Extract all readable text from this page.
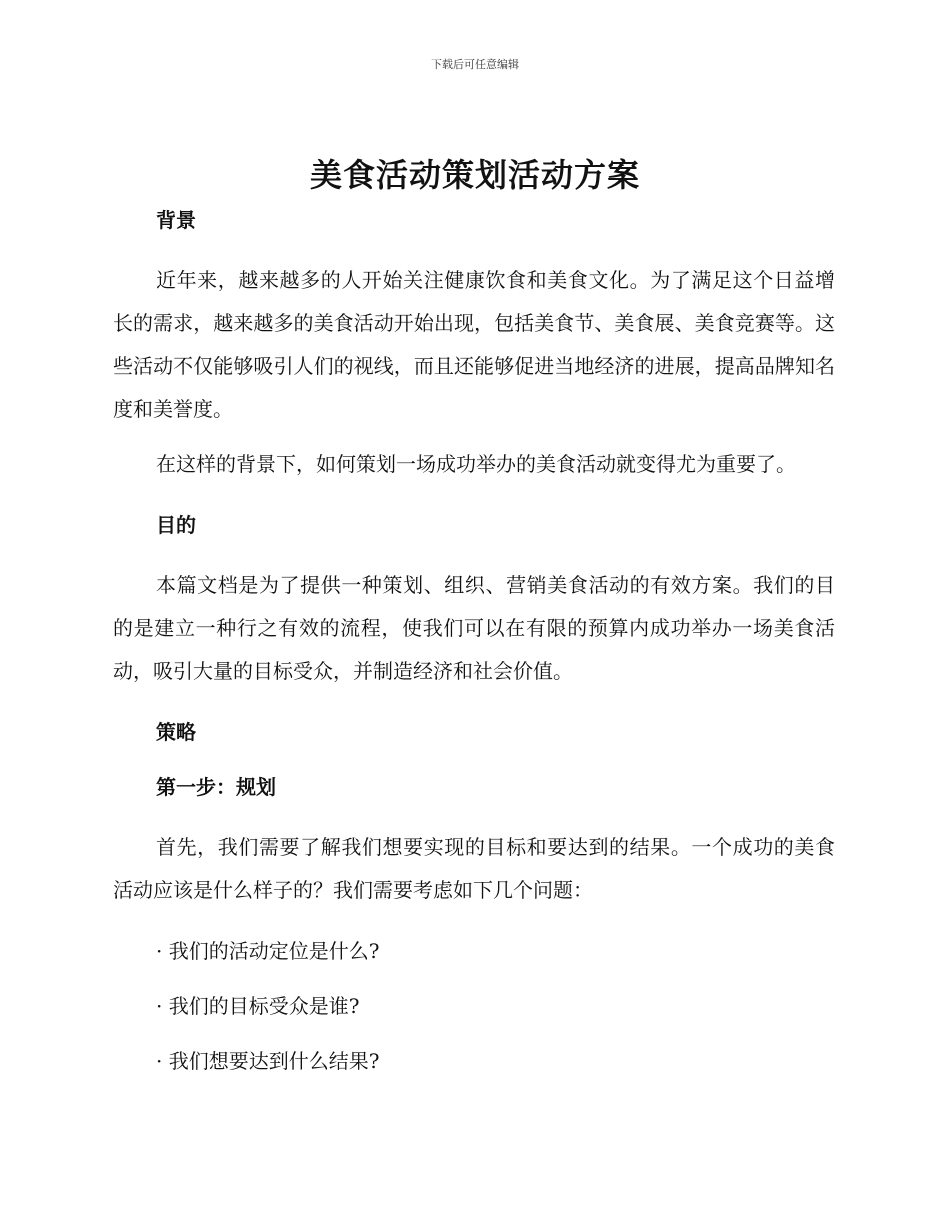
下载后可任意编辑
美食活动策划活动方案

背景

近年来，越来越多的人开始关注健康饮食和美食文化。为了满足这个日益增长的需求，越来越多的美食活动开始出现，包括美食节、美食展、美食竞赛等。这些活动不仅能够吸引人们的视线，而且还能够促进当地经济的进展，提高品牌知名度和美誉度。

在这样的背景下，如何策划一场成功举办的美食活动就变得尤为重要了。

目的

本篇文档是为了提供一种策划、组织、营销美食活动的有效方案。我们的目的是建立一种行之有效的流程，使我们可以在有限的预算内成功举办一场美食活动，吸引大量的目标受众，并制造经济和社会价值。

策略

第一步：规划

首先，我们需要了解我们想要实现的目标和要达到的结果。一个成功的美食活动应该是什么样子的？我们需要考虑如下几个问题：

· 我们的活动定位是什么?

· 我们的目标受众是谁?

· 我们想要达到什么结果?
